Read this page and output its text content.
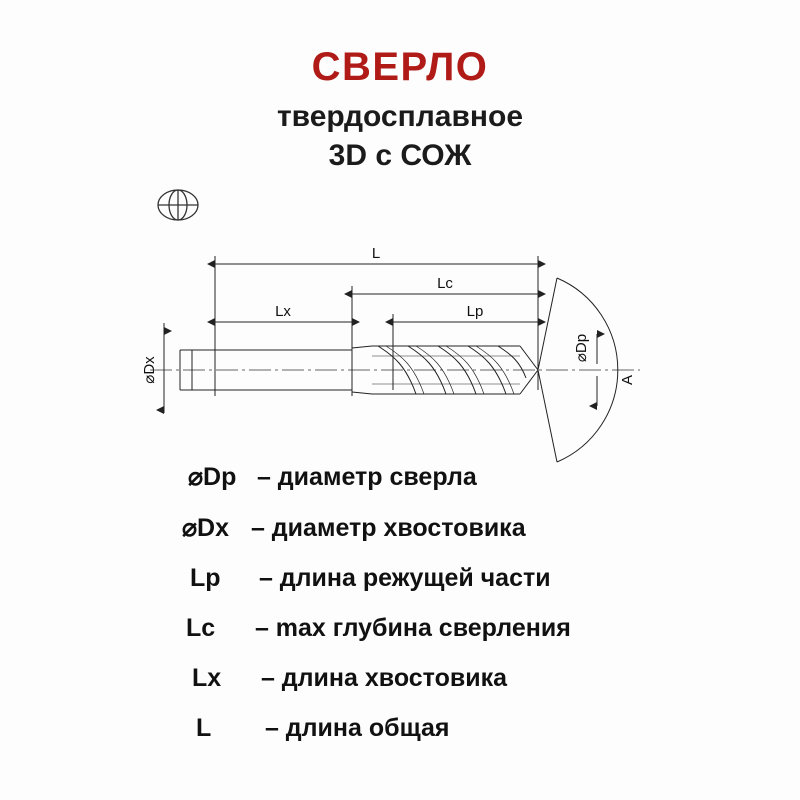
СВЕРЛО
твердосплавное
3D с СОЖ
L
Lc
Lp
Lx
⌀Dx
⌀Dp
A
⌀Dp – диаметр сверла
⌀Dx – диаметр хвостовика
Lp – длина режущей части
Lc – max глубина сверления
Lx – длина хвостовика
L – длина общая
